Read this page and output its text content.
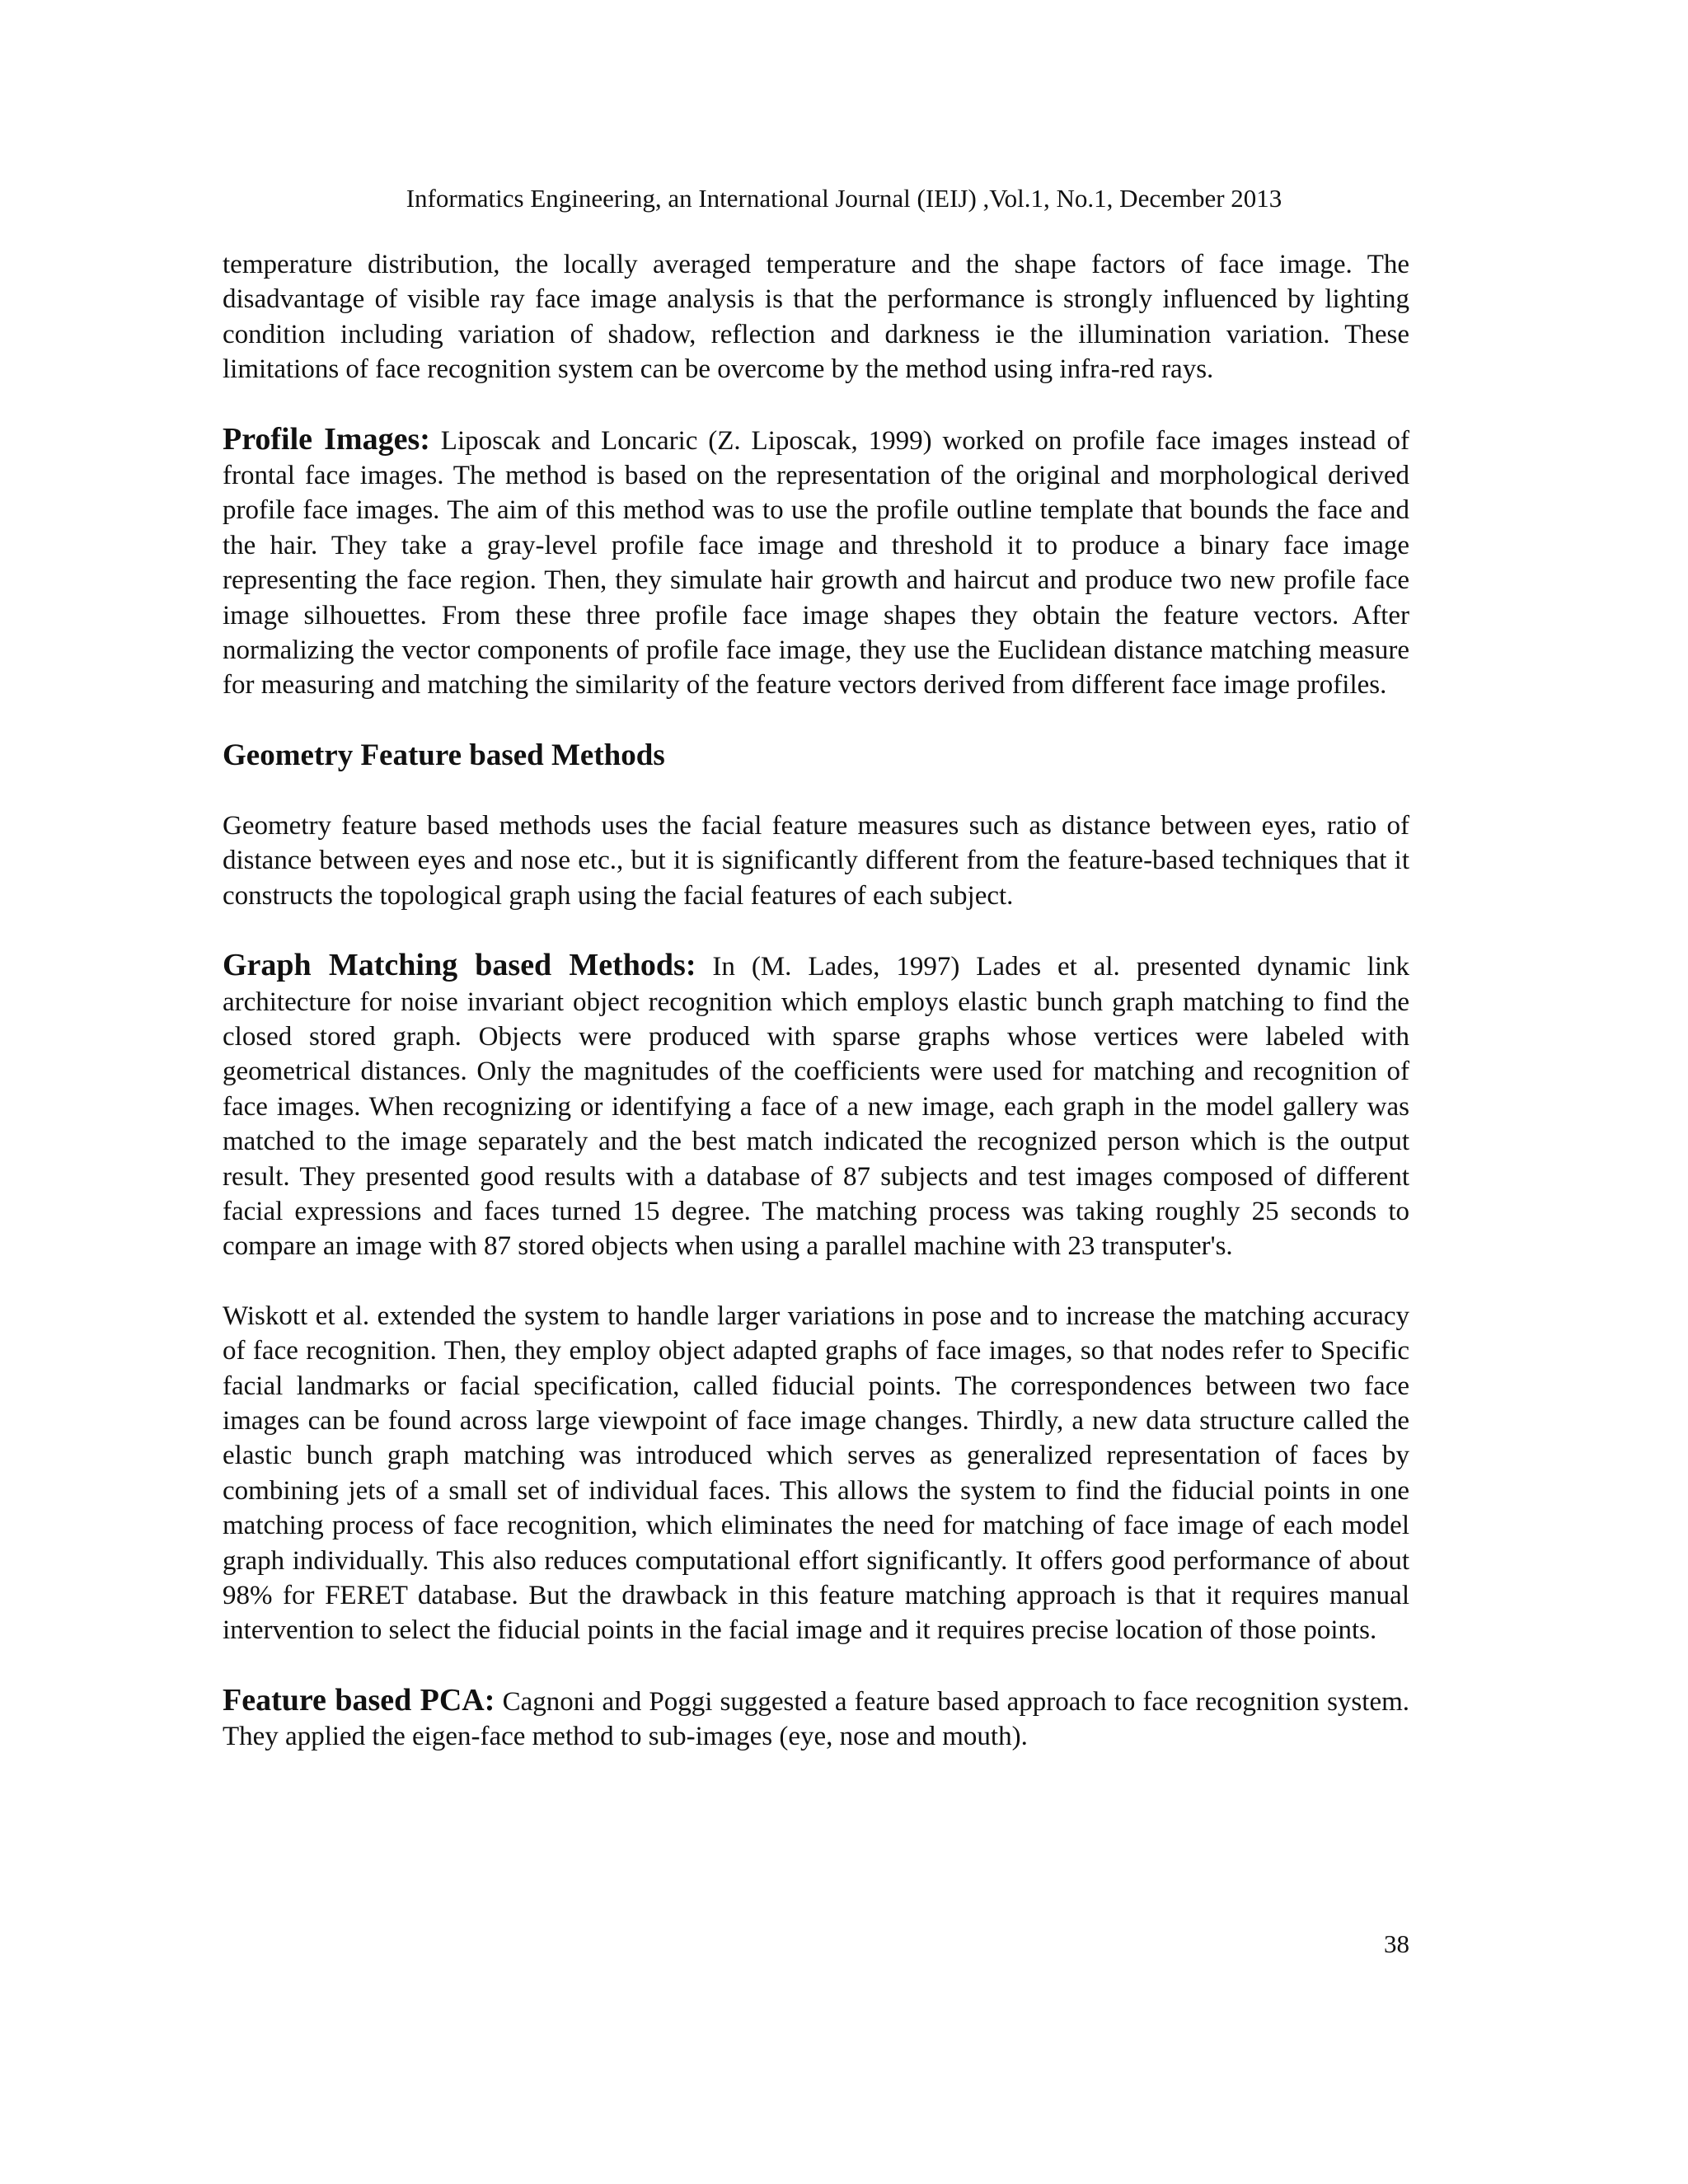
Informatics Engineering, an International Journal (IEIJ) ,Vol.1, No.1, December 2013

temperature distribution, the locally averaged temperature and the shape factors of face image. The disadvantage of visible ray face image analysis is that the performance is strongly influenced by lighting condition including variation of shadow, reflection and darkness ie the illumination variation. These limitations of face recognition system can be overcome by the method using infra-red rays.

Profile Images: Liposcak and Loncaric (Z. Liposcak, 1999) worked on profile face images instead of frontal face images. The method is based on the representation of the original and morphological derived profile face images. The aim of this method was to use the profile outline template that bounds the face and the hair. They take a gray-level profile face image and threshold it to produce a binary face image representing the face region. Then, they simulate hair growth and haircut and produce two new profile face image silhouettes. From these three profile face image shapes they obtain the feature vectors. After normalizing the vector components of profile face image, they use the Euclidean distance matching measure for measuring and matching the similarity of the feature vectors derived from different face image profiles.

Geometry Feature based Methods

Geometry feature based methods uses the facial feature measures such as distance between eyes, ratio of distance between eyes and nose etc., but it is significantly different from the feature-based techniques that it constructs the topological graph using the facial features of each subject.

Graph Matching based Methods: In (M. Lades, 1997) Lades et al. presented dynamic link architecture for noise invariant object recognition which employs elastic bunch graph matching to find the closed stored graph. Objects were produced with sparse graphs whose vertices were labeled with geometrical distances. Only the magnitudes of the coefficients were used for matching and recognition of face images. When recognizing or identifying a face of a new image, each graph in the model gallery was matched to the image separately and the best match indicated the recognized person which is the output result. They presented good results with a database of 87 subjects and test images composed of different facial expressions and faces turned 15 degree. The matching process was taking roughly 25 seconds to compare an image with 87 stored objects when using a parallel machine with 23 transputer's.

Wiskott et al. extended the system to handle larger variations in pose and to increase the matching accuracy of face recognition. Then, they employ object adapted graphs of face images, so that nodes refer to Specific facial landmarks or facial specification, called fiducial points. The correspondences between two face images can be found across large viewpoint of face image changes. Thirdly, a new data structure called the elastic bunch graph matching was introduced which serves as generalized representation of faces by combining jets of a small set of individual faces. This allows the system to find the fiducial points in one matching process of face recognition, which eliminates the need for matching of face image of each model graph individually. This also reduces computational effort significantly. It offers good performance of about 98% for FERET database. But the drawback in this feature matching approach is that it requires manual intervention to select the fiducial points in the facial image and it requires precise location of those points.

Feature based PCA: Cagnoni and Poggi suggested a feature based approach to face recognition system. They applied the eigen-face method to sub-images (eye, nose and mouth).

38
